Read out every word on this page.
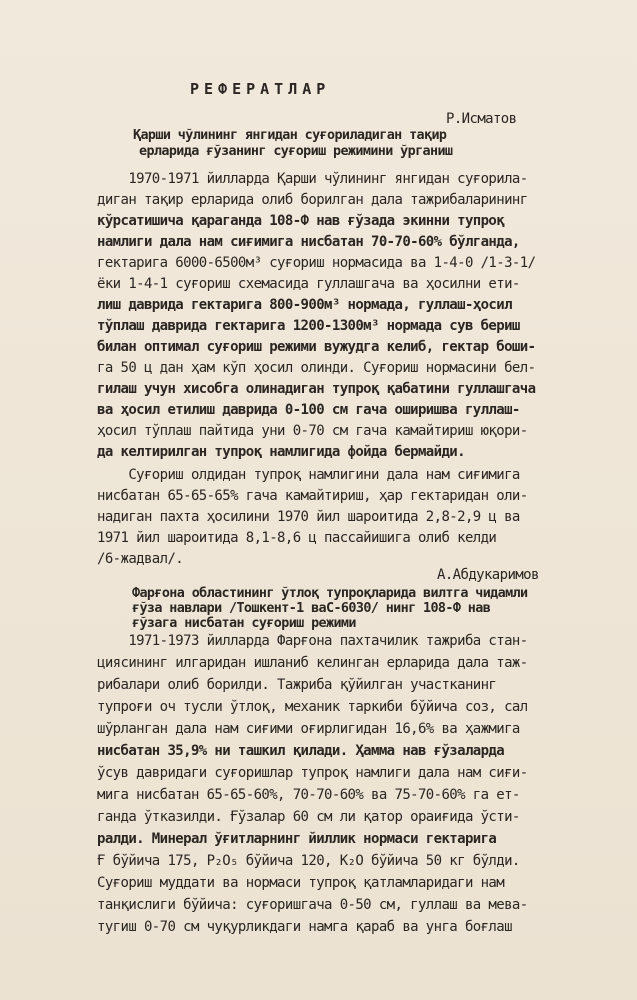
РЕФЕРАТЛАР
Р.Исматов
Қарши чўлининг янгидан суғориладиган тақир
ерларида ғўзанинг суғориш режимини ўрганиш
1970-1971 йилларда Қарши чўлининг янгидан суғорила-
диган тақир ерларида олиб борилган дала тажрибаларининг
кўрсатишича қараганда 108-Ф нав ғўзада экинни тупроқ
намлиги дала нам сиғимига нисбатан 70-70-60% бўлганда,
гектарига 6000-6500м³ суғориш нормасида ва 1-4-0 /1-3-1/
ёки 1-4-1 суғориш схемасида гуллашгача ва ҳосилни ети-
лиш даврида гектарига 800-900м³ нормада, гуллаш-ҳосил
тўплаш даврида гектарига 1200-1300м³ нормада сув бериш
билан оптимал суғориш режими вужудга келиб, гектар боши-
га 50 ц дан ҳам кўп ҳосил олинди. Суғориш нормасини бел-
гилаш учун хисобга олинадиган тупроқ қабатини гуллашгача
ва ҳосил етилиш даврида 0-100 см гача оширишва гуллаш-
ҳосил тўплаш пайтида уни 0-70 см гача камайтириш юқори-
да келтирилган тупроқ намлигида фойда бермайди.
Суғориш олдидан тупроқ намлигини дала нам сиғимига
нисбатан 65-65-65% гача камайтириш, ҳар гектаридан оли-
надиган пахта ҳосилини 1970 йил шароитида 2,8-2,9 ц ва
1971 йил шароитида 8,1-8,6 ц пассайишига олиб келди
/6-жадвал/.
А.Абдукаримов
Фарғона областининг ўтлоқ тупроқларида вилтга чидамли
ғўза навлари /Тошкент-1 ваС-6030/ нинг 108-Ф нав
ғўзага нисбатан суғориш режими
1971-1973 йилларда Фарғона пахтачилик тажриба стан-
циясининг илгаридан ишланиб келинган ерларида дала таж-
рибалари олиб борилди. Тажриба қўйилган участканинг
тупроғи оч тусли ўтлоқ, механик таркиби бўйича соз, сал
шўрланган дала нам сиғими оғирлигидан 16,6% ва ҳажмига
нисбатан 35,9% ни ташкил қилади. Ҳамма нав ғўзаларда
ўсув давридаги суғоришлар тупроқ намлиги дала нам сиғи-
мига нисбатан 65-65-60%, 70-70-60% ва 75-70-60% га ет-
ганда ўтказилди. Ғўзалар 60 см ли қатор ораиғида ўсти-
ралди. Минерал ўғитларнинг йиллик нормаси гектарига
Ғ бўйича 175, Р₂О₅ бўйича 120, К₂О бўйича 50 кг бўлди.
Суғориш муддати ва нормаси тупроқ қатламларидаги нам
танқислиги бўйича: суғоришгача 0-50 см, гуллаш ва мева-
тугиш 0-70 см чуқурликдаги намга қараб ва унга боғлаш
